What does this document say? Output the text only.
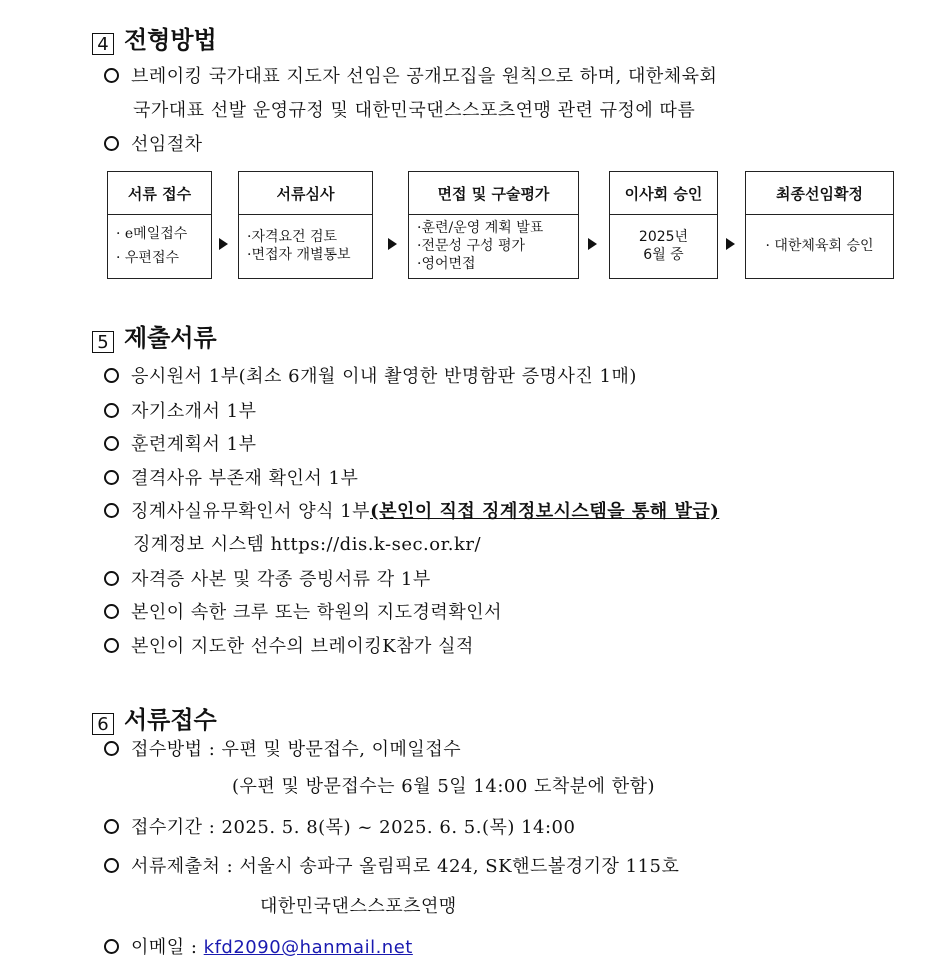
4 전형방법
브레이킹 국가대표 지도자 선임은 공개모집을 원칙으로 하며, 대한체육회
국가대표 선발 운영규정 및 대한민국댄스스포츠연맹 관련 규정에 따름
선임절차
서류 접수
· e메일접수
· 우편접수
서류심사
·자격요건 검토
·면접자 개별통보
면접 및 구술평가
·훈련/운영 계획 발표
·전문성 구성 평가
·영어면접
이사회 승인
2025년
6월 중
최종선임확정
· 대한체육회 승인
5 제출서류
응시원서 1부(최소 6개월 이내 촬영한 반명함판 증명사진 1매)
자기소개서 1부
훈련계획서 1부
결격사유 부존재 확인서 1부
징계사실유무확인서 양식 1부(본인이 직접 징계정보시스템을 통해 발급)
징계정보 시스템 https://dis.k-sec.or.kr/
자격증 사본 및 각종 증빙서류 각 1부
본인이 속한 크루 또는 학원의 지도경력확인서
본인이 지도한 선수의 브레이킹K참가 실적
6 서류접수
접수방법 : 우편 및 방문접수, 이메일접수
(우편 및 방문접수는 6월 5일 14:00 도착분에 한함)
접수기간 : 2025. 5. 8(목) ~ 2025. 6. 5.(목) 14:00
서류제출처 : 서울시 송파구 올림픽로 424, SK핸드볼경기장 115호
대한민국댄스스포츠연맹
이메일 : kfd2090@hanmail.net
